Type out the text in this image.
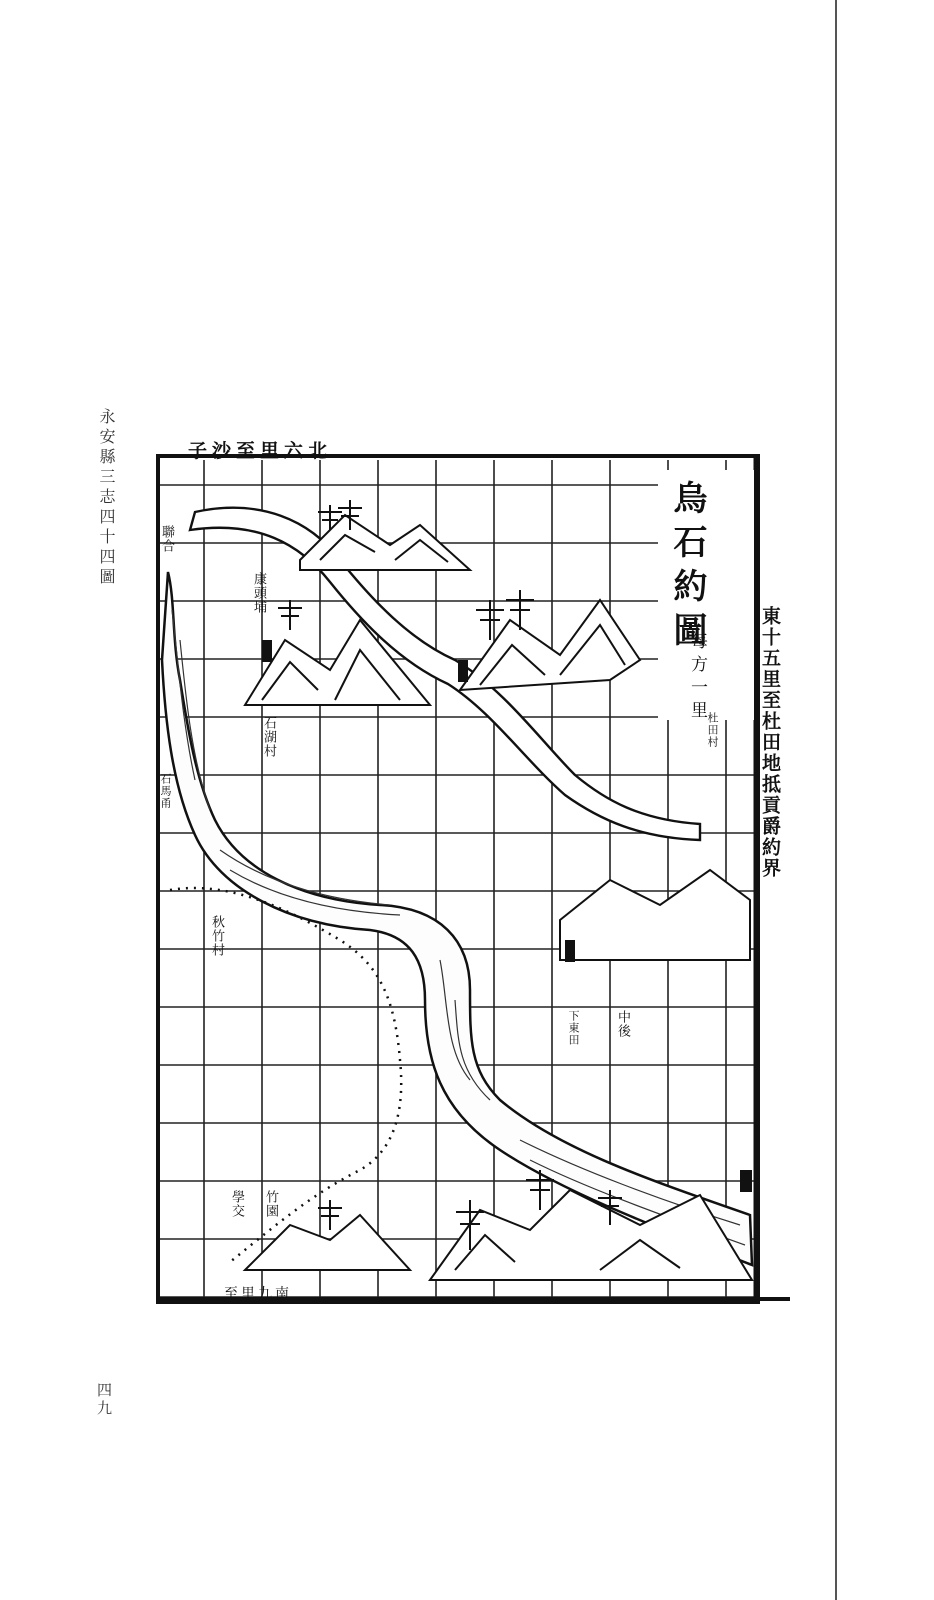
永安縣三志四十四圖
四九
烏石約圖
每方一里	東十五里至杜田地抵貢爵約界
北六里至沙子
南九里至
聯合
康頭埔
石湖村
石馬甬
杜田村
秋竹村
中後
下東田
竹園
學交
